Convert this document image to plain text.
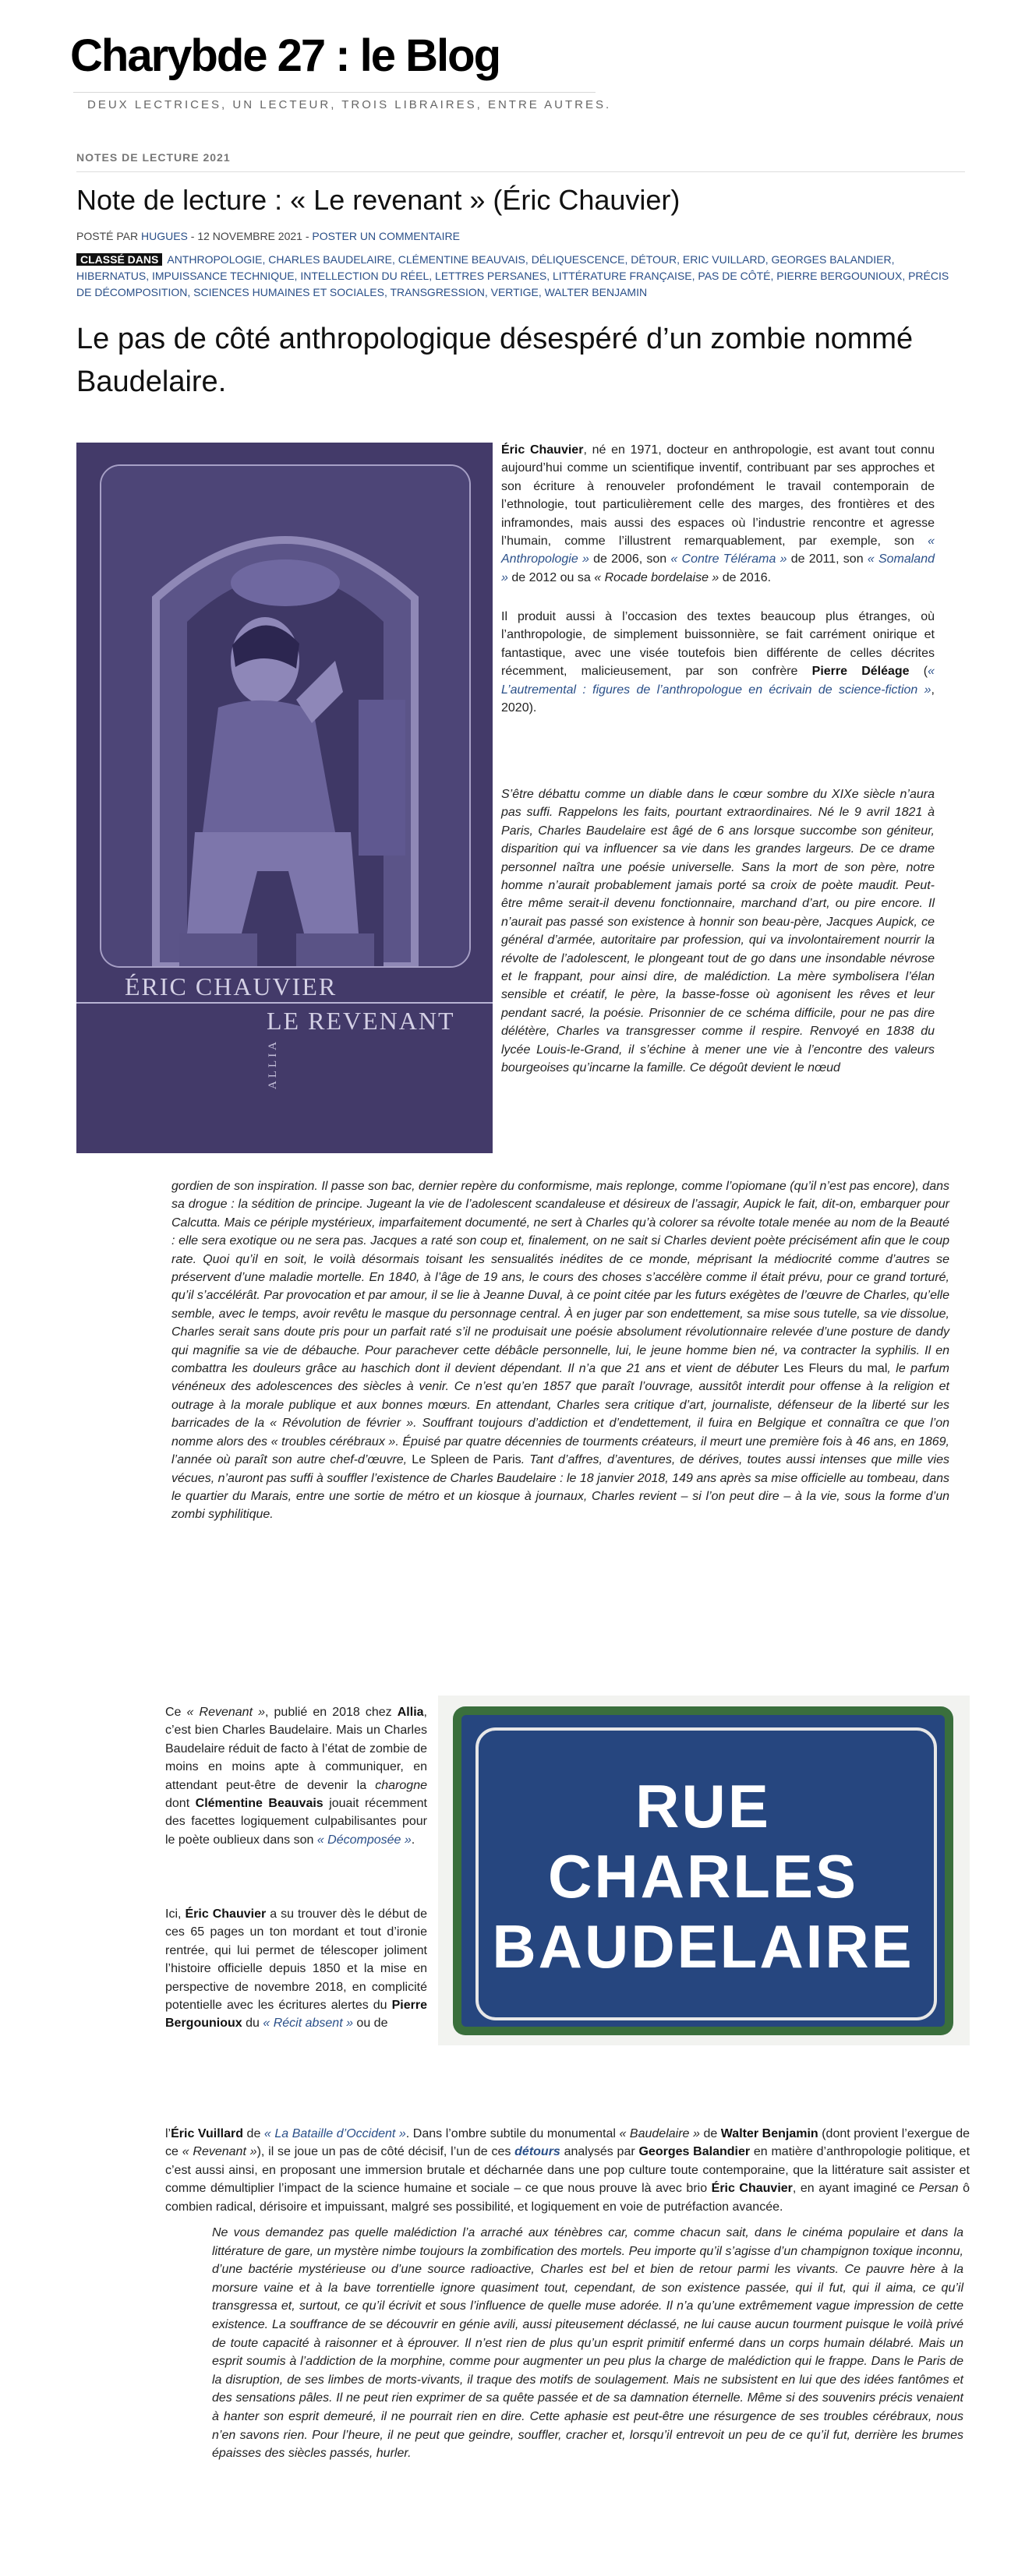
Charybde 27 : le Blog
DEUX LECTRICES, UN LECTEUR, TROIS LIBRAIRES, ENTRE AUTRES.
NOTES DE LECTURE 2021
Note de lecture : « Le revenant » (Éric Chauvier)
POSTÉ PAR HUGUES - 12 NOVEMBRE 2021 - POSTER UN COMMENTAIRE
CLASSÉ DANS ANTHROPOLOGIE, CHARLES BAUDELAIRE, CLÉMENTINE BEAUVAIS, DÉLIQUESCENCE, DÉTOUR, ERIC VUILLARD, GEORGES BALANDIER, HIBERNATUS, IMPUISSANCE TECHNIQUE, INTELLECTION DU RÉEL, LETTRES PERSANES, LITTÉRATURE FRANÇAISE, PAS DE CÔTÉ, PIERRE BERGOUNIOUX, PRÉCIS DE DÉCOMPOSITION, SCIENCES HUMAINES ET SOCIALES, TRANSGRESSION, VERTIGE, WALTER BENJAMIN
Le pas de côté anthropologique désespéré d’un zombie nommé Baudelaire.
ÉRIC CHAUVIER
LE REVENANT
ALLIA

Éric Chauvier, né en 1971, docteur en anthropologie, est avant tout connu aujourd’hui comme un scientifique inventif, contribuant par ses approches et son écriture à renouveler profondément le travail contemporain de l’ethnologie, tout particulièrement celle des marges, des frontières et des inframondes, mais aussi des espaces où l’industrie rencontre et agresse l’humain, comme l’illustrent remarquablement, par exemple, son « Anthropologie » de 2006, son « Contre Télérama » de 2011, son « Somaland » de 2012 ou sa « Rocade bordelaise » de 2016.

Il produit aussi à l’occasion des textes beaucoup plus étranges, où l’anthropologie, de simplement buissonnière, se fait carrément onirique et fantastique, avec une visée toutefois bien différente de celles décrites récemment, malicieusement, par son confrère Pierre Déléage (« L’autremental : figures de l’anthropologue en écrivain de science-fiction », 2020).

S’être débattu comme un diable dans le cœur sombre du XIXe siècle n’aura pas suffi. Rappelons les faits, pourtant extraordinaires. Né le 9 avril 1821 à Paris, Charles Baudelaire est âgé de 6 ans lorsque succombe son géniteur, disparition qui va influencer sa vie dans les grandes largeurs. De ce drame personnel naîtra une poésie universelle. Sans la mort de son père, notre homme n’aurait probablement jamais porté sa croix de poète maudit. Peut-être même serait-il devenu fonctionnaire, marchand d’art, ou pire encore. Il n’aurait pas passé son existence à honnir son beau-père, Jacques Aupick, ce général d’armée, autoritaire par profession, qui va involontairement nourrir la révolte de l’adolescent, le plongeant tout de go dans une insondable névrose et le frappant, pour ainsi dire, de malédiction. La mère symbolisera l’élan sensible et créatif, le père, la basse-fosse où agonisent les rêves et leur pendant sacré, la poésie. Prisonnier de ce schéma difficile, pour ne pas dire délétère, Charles va transgresser comme il respire. Renvoyé en 1838 du lycée Louis-le-Grand, il s’échine à mener une vie à l’encontre des valeurs bourgeoises qu’incarne la famille. Ce dégoût devient le nœud

gordien de son inspiration. Il passe son bac, dernier repère du conformisme, mais replonge, comme l’opiomane (qu’il n’est pas encore), dans sa drogue : la sédition de principe. Jugeant la vie de l’adolescent scandaleuse et désireux de l’assagir, Aupick le fait, dit-on, embarquer pour Calcutta. Mais ce périple mystérieux, imparfaitement documenté, ne sert à Charles qu’à colorer sa révolte totale menée au nom de la Beauté : elle sera exotique ou ne sera pas. Jacques a raté son coup et, finalement, on ne sait si Charles devient poète précisément afin que le coup rate. Quoi qu’il en soit, le voilà désormais toisant les sensualités inédites de ce monde, méprisant la médiocrité comme d’autres se préservent d’une maladie mortelle. En 1840, à l’âge de 19 ans, le cours des choses s’accélère comme il était prévu, pour ce grand torturé, qu’il s’accélérât. Par provocation et par amour, il se lie à Jeanne Duval, à ce point citée par les futurs exégètes de l’œuvre de Charles, qu’elle semble, avec le temps, avoir revêtu le masque du personnage central. À en juger par son endettement, sa mise sous tutelle, sa vie dissolue, Charles serait sans doute pris pour un parfait raté s’il ne produisait une poésie absolument révolutionnaire relevée d’une posture de dandy qui magnifie sa vie de débauche. Pour parachever cette débâcle personnelle, lui, le jeune homme bien né, va contracter la syphilis. Il en combattra les douleurs grâce au haschich dont il devient dépendant. Il n’a que 21 ans et vient de débuter Les Fleurs du mal, le parfum vénéneux des adolescences des siècles à venir. Ce n’est qu’en 1857 que paraît l’ouvrage, aussitôt interdit pour offense à la religion et outrage à la morale publique et aux bonnes mœurs. En attendant, Charles sera critique d’art, journaliste, défenseur de la liberté sur les barricades de la « Révolution de février ». Souffrant toujours d’addiction et d’endettement, il fuira en Belgique et connaîtra ce que l’on nomme alors des « troubles cérébraux ». Épuisé par quatre décennies de tourments créateurs, il meurt une première fois à 46 ans, en 1869, l’année où paraît son autre chef-d’œuvre, Le Spleen de Paris. Tant d’affres, d’aventures, de dérives, toutes aussi intenses que mille vies vécues, n’auront pas suffi à souffler l’existence de Charles Baudelaire : le 18 janvier 2018, 149 ans après sa mise officielle au tombeau, dans le quartier du Marais, entre une sortie de métro et un kiosque à journaux, Charles revient – si l’on peut dire – à la vie, sous la forme d’un zombi syphilitique.

RUE
CHARLES
BAUDELAIRE

Ce « Revenant », publié en 2018 chez Allia, c’est bien Charles Baudelaire. Mais un Charles Baudelaire réduit de facto à l’état de zombie de moins en moins apte à communiquer, en attendant peut-être de devenir la charogne dont Clémentine Beauvais jouait récemment des facettes logiquement culpabilisantes pour le poète oublieux dans son « Décomposée ».

Ici, Éric Chauvier a su trouver dès le début de ces 65 pages un ton mordant et tout d’ironie rentrée, qui lui permet de télescoper joliment l’histoire officielle depuis 1850 et la mise en perspective de novembre 2018, en complicité potentielle avec les écritures alertes du Pierre Bergounioux du « Récit absent » ou de

l’Éric Vuillard de « La Bataille d’Occident ». Dans l’ombre subtile du monumental « Baudelaire » de Walter Benjamin (dont provient l’exergue de ce « Revenant »), il se joue un pas de côté décisif, l’un de ces détours analysés par Georges Balandier en matière d’anthropologie politique, et c’est aussi ainsi, en proposant une immersion brutale et décharnée dans une pop culture toute contemporaine, que la littérature sait assister et comme démultiplier l’impact de la science humaine et sociale – ce que nous prouve là avec brio Éric Chauvier, en ayant imaginé ce Persan ô combien radical, dérisoire et impuissant, malgré ses possibilité, et logiquement en voie de putréfaction avancée.

Ne vous demandez pas quelle malédiction l’a arraché aux ténèbres car, comme chacun sait, dans le cinéma populaire et dans la littérature de gare, un mystère nimbe toujours la zombification des mortels. Peu importe qu’il s’agisse d’un champignon toxique inconnu, d’une bactérie mystérieuse ou d’une source radioactive, Charles est bel et bien de retour parmi les vivants. Ce pauvre hère à la morsure vaine et à la bave torrentielle ignore quasiment tout, cependant, de son existence passée, qui il fut, qui il aima, ce qu’il transgressa et, surtout, ce qu’il écrivit et sous l’influence de quelle muse adorée. Il n’a qu’une extrêmement vague impression de cette existence. La souffrance de se découvrir en génie avili, aussi piteusement déclassé, ne lui cause aucun tourment puisque le voilà privé de toute capacité à raisonner et à éprouver. Il n’est rien de plus qu’un esprit primitif enfermé dans un corps humain délabré. Mais un esprit soumis à l’addiction de la morphine, comme pour augmenter un peu plus la charge de malédiction qui le frappe. Dans le Paris de la disruption, de ses limbes de morts-vivants, il traque des motifs de soulagement. Mais ne subsistent en lui que des idées fantômes et des sensations pâles. Il ne peut rien exprimer de sa quête passée et de sa damnation éternelle. Même si des souvenirs précis venaient à hanter son esprit demeuré, il ne pourrait rien en dire. Cette aphasie est peut-être une résurgence de ses troubles cérébraux, nous n’en savons rien. Pour l’heure, il ne peut que geindre, souffler, cracher et, lorsqu’il entrevoit un peu de ce qu’il fut, derrière les brumes épaisses des siècles passés, hurler.
